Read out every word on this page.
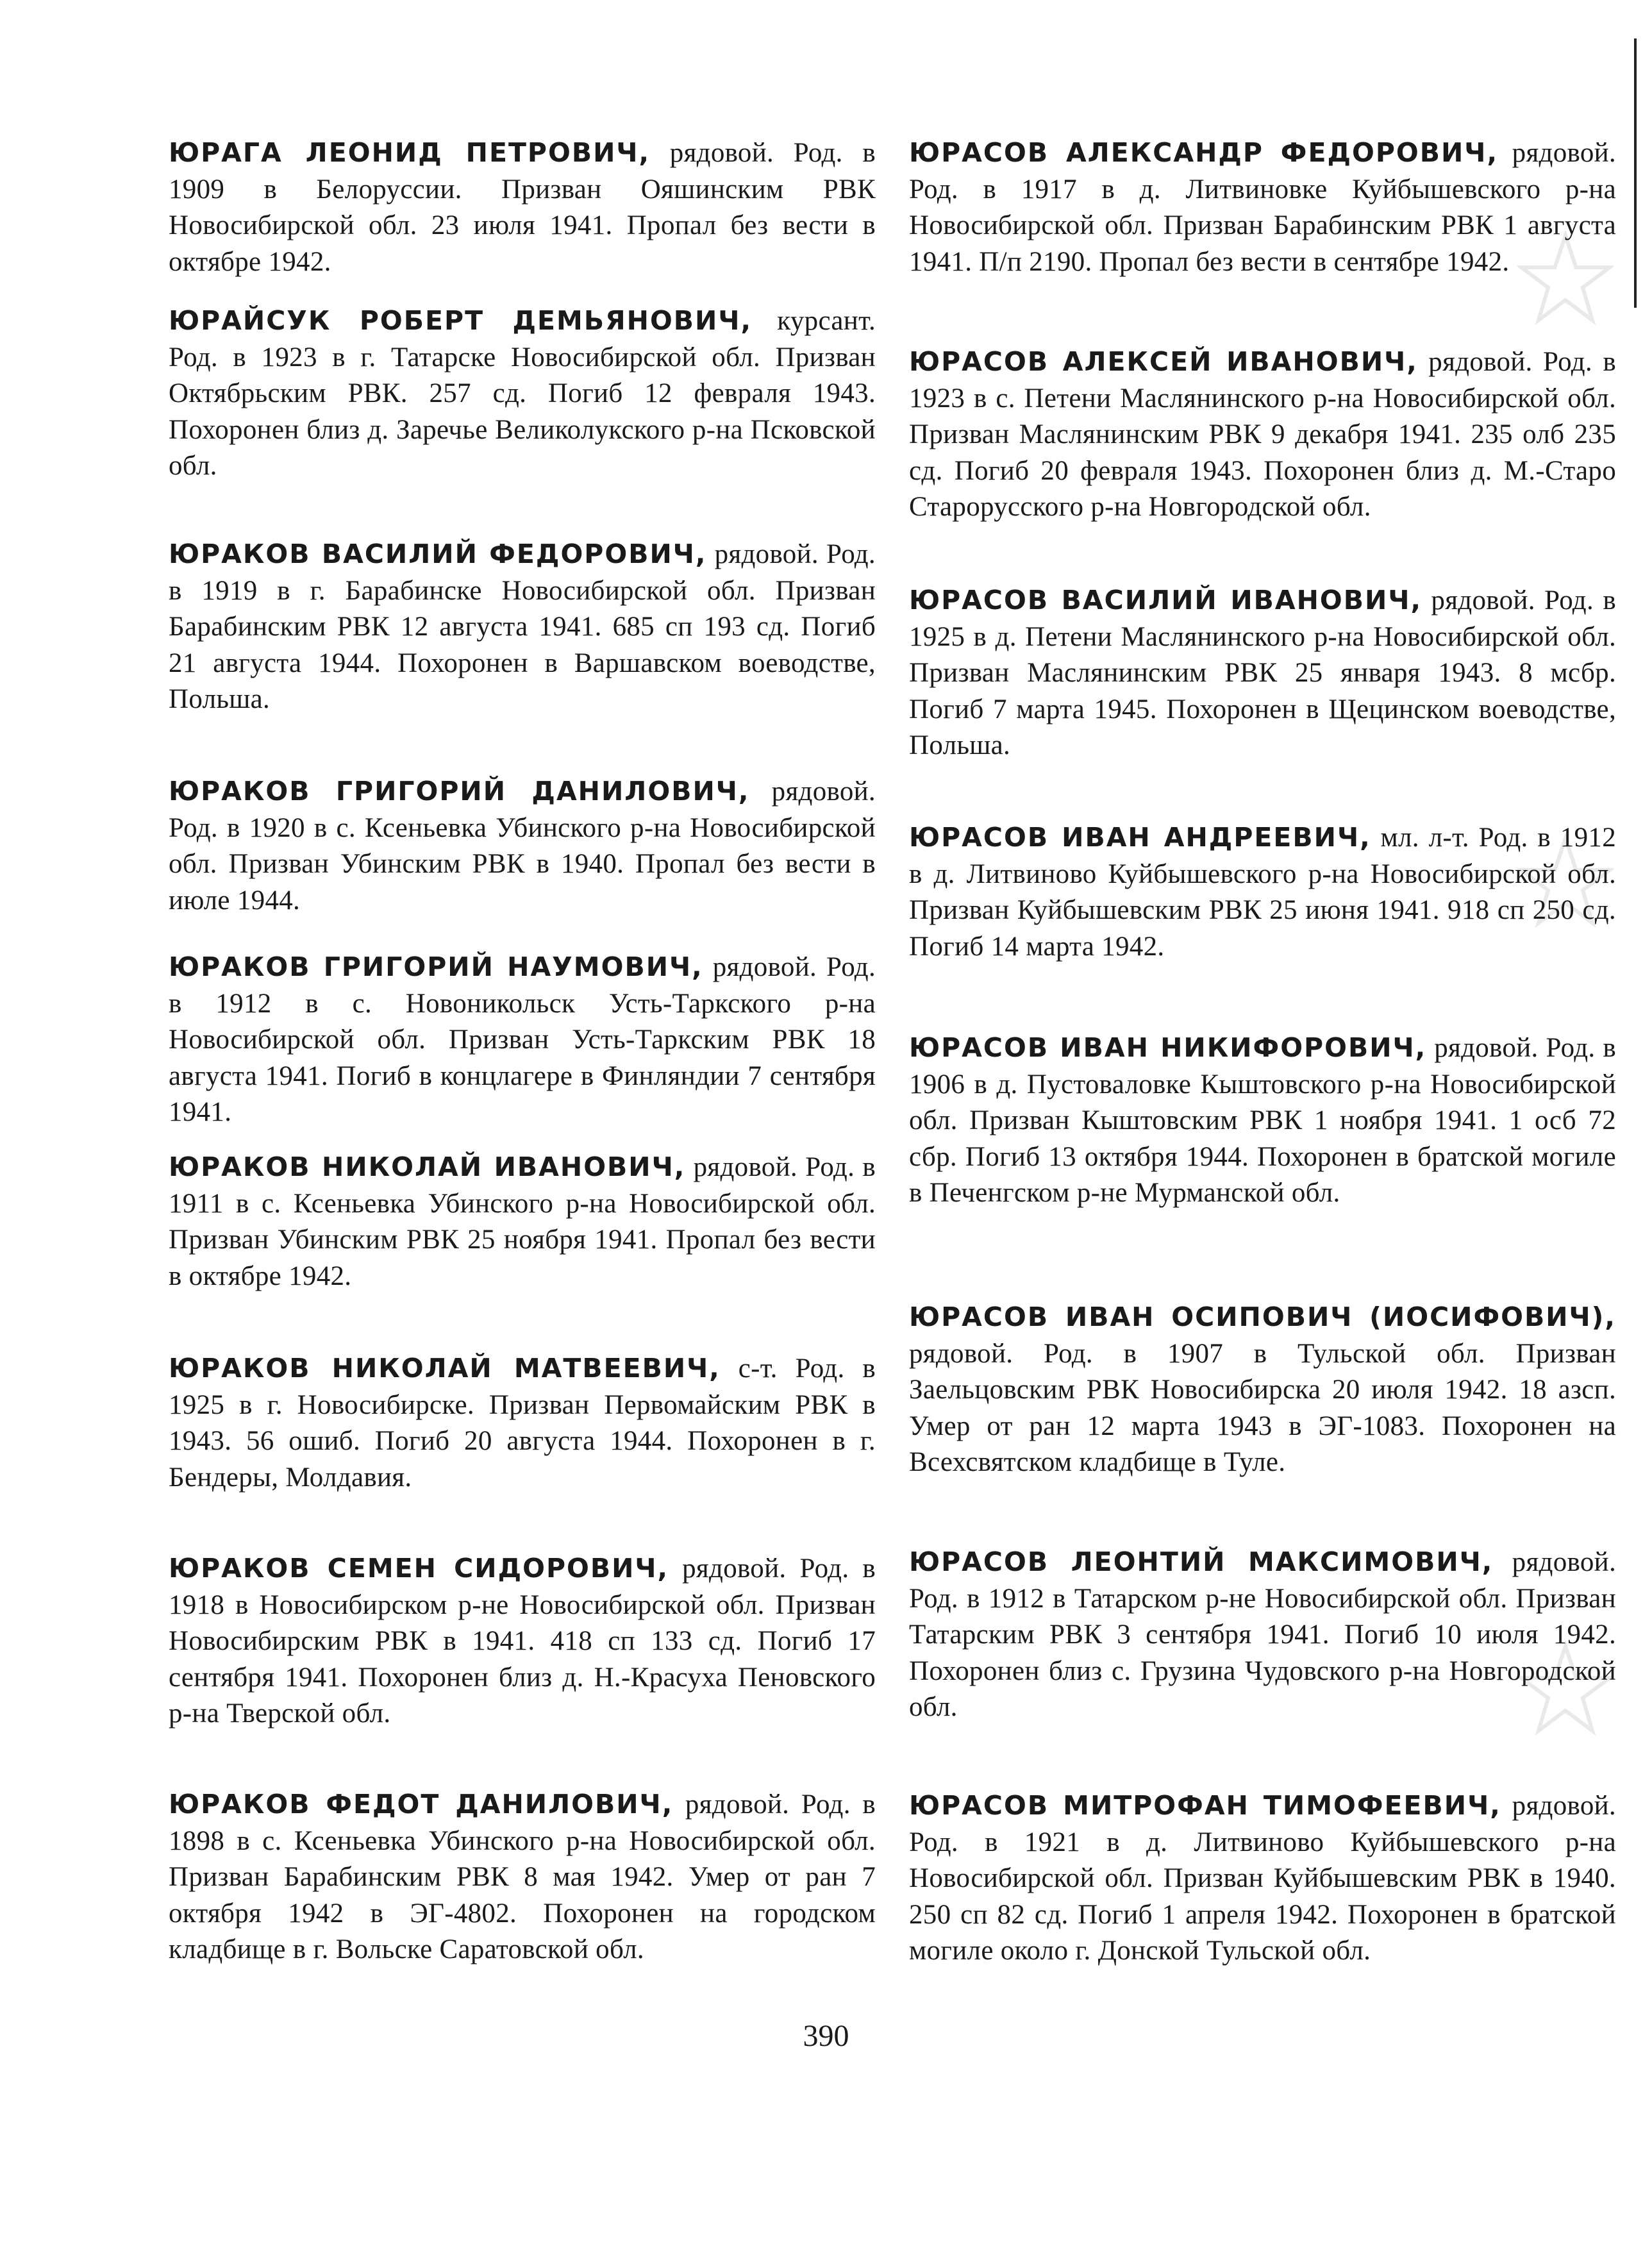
ЮРАГА ЛЕОНИД ПЕТРОВИЧ, рядовой. Род. в 1909 в Белоруссии. Призван Ояшинским РВК Новосибирской обл. 23 июля 1941. Пропал без вести в октябре 1942.
ЮРАЙСУК РОБЕРТ ДЕМЬЯНОВИЧ, курсант. Род. в 1923 в г. Татарске Новосибирской обл. Призван Октябрьским РВК. 257 сд. Погиб 12 февраля 1943. Похоронен близ д. Заречье Великолукского р-на Псковской обл.
ЮРАКОВ ВАСИЛИЙ ФЕДОРОВИЧ, рядовой. Род. в 1919 в г. Барабинске Новосибирской обл. Призван Барабинским РВК 12 августа 1941. 685 сп 193 сд. Погиб 21 августа 1944. Похоронен в Варшавском воеводстве, Польша.
ЮРАКОВ ГРИГОРИЙ ДАНИЛОВИЧ, рядовой. Род. в 1920 в с. Ксеньевка Убинского р-на Новосибирской обл. Призван Убинским РВК в 1940. Пропал без вести в июле 1944.
ЮРАКОВ ГРИГОРИЙ НАУМОВИЧ, рядовой. Род. в 1912 в с. Новоникольск Усть-Таркского р-на Новосибирской обл. Призван Усть-Таркским РВК 18 августа 1941. Погиб в концлагере в Финляндии 7 сентября 1941.
ЮРАКОВ НИКОЛАЙ ИВАНОВИЧ, рядовой. Род. в 1911 в с. Ксеньевка Убинского р-на Новосибирской обл. Призван Убинским РВК 25 ноября 1941. Пропал без вести в октябре 1942.
ЮРАКОВ НИКОЛАЙ МАТВЕЕВИЧ, с-т. Род. в 1925 в г. Новосибирске. Призван Первомайским РВК в 1943. 56 ошиб. Погиб 20 августа 1944. Похоронен в г. Бендеры, Молдавия.
ЮРАКОВ СЕМЕН СИДОРОВИЧ, рядовой. Род. в 1918 в Новосибирском р-не Новосибирской обл. Призван Новосибирским РВК в 1941. 418 сп 133 сд. Погиб 17 сентября 1941. Похоронен близ д. Н.-Красуха Пеновского р-на Тверской обл.
ЮРАКОВ ФЕДОТ ДАНИЛОВИЧ, рядовой. Род. в 1898 в с. Ксеньевка Убинского р-на Новосибирской обл. Призван Барабинским РВК 8 мая 1942. Умер от ран 7 октября 1942 в ЭГ-4802. Похоронен на городском кладбище в г. Вольске Саратовской обл.
ЮРАСОВ АЛЕКСАНДР ФЕДОРОВИЧ, рядовой. Род. в 1917 в д. Литвиновке Куйбышевского р-на Новосибирской обл. Призван Барабинским РВК 1 августа 1941. П/п 2190. Пропал без вести в сентябре 1942.
ЮРАСОВ АЛЕКСЕЙ ИВАНОВИЧ, рядовой. Род. в 1923 в с. Петени Маслянинского р-на Новосибирской обл. Призван Маслянинским РВК 9 декабря 1941. 235 олб 235 сд. Погиб 20 февраля 1943. Похоронен близ д. М.-Старо Старорусского р-на Новгородской обл.
ЮРАСОВ ВАСИЛИЙ ИВАНОВИЧ, рядовой. Род. в 1925 в д. Петени Маслянинского р-на Новосибирской обл. Призван Маслянинским РВК 25 января 1943. 8 мсбр. Погиб 7 марта 1945. Похоронен в Щецинском воеводстве, Польша.
ЮРАСОВ ИВАН АНДРЕЕВИЧ, мл. л-т. Род. в 1912 в д. Литвиново Куйбышевского р-на Новосибирской обл. Призван Куйбышевским РВК 25 июня 1941. 918 сп 250 сд. Погиб 14 марта 1942.
ЮРАСОВ ИВАН НИКИФОРОВИЧ, рядовой. Род. в 1906 в д. Пустоваловке Кыштовского р-на Новосибирской обл. Призван Кыштовским РВК 1 ноября 1941. 1 осб 72 сбр. Погиб 13 октября 1944. Похоронен в братской могиле в Печенгском р-не Мурманской обл.
ЮРАСОВ ИВАН ОСИПОВИЧ (ИОСИФОВИЧ), рядовой. Род. в 1907 в Тульской обл. Призван Заельцовским РВК Новосибирска 20 июля 1942. 18 азсп. Умер от ран 12 марта 1943 в ЭГ-1083. Похоронен на Всехсвятском кладбище в Туле.
ЮРАСОВ ЛЕОНТИЙ МАКСИМОВИЧ, рядовой. Род. в 1912 в Татарском р-не Новосибирской обл. Призван Татарским РВК 3 сентября 1941. Погиб 10 июля 1942. Похоронен близ с. Грузина Чудовского р-на Новгородской обл.
ЮРАСОВ МИТРОФАН ТИМОФЕЕВИЧ, рядовой. Род. в 1921 в д. Литвиново Куйбышевского р-на Новосибирской обл. Призван Куйбышевским РВК в 1940. 250 сп 82 сд. Погиб 1 апреля 1942. Похоронен в братской могиле около г. Донской Тульской обл.
390
